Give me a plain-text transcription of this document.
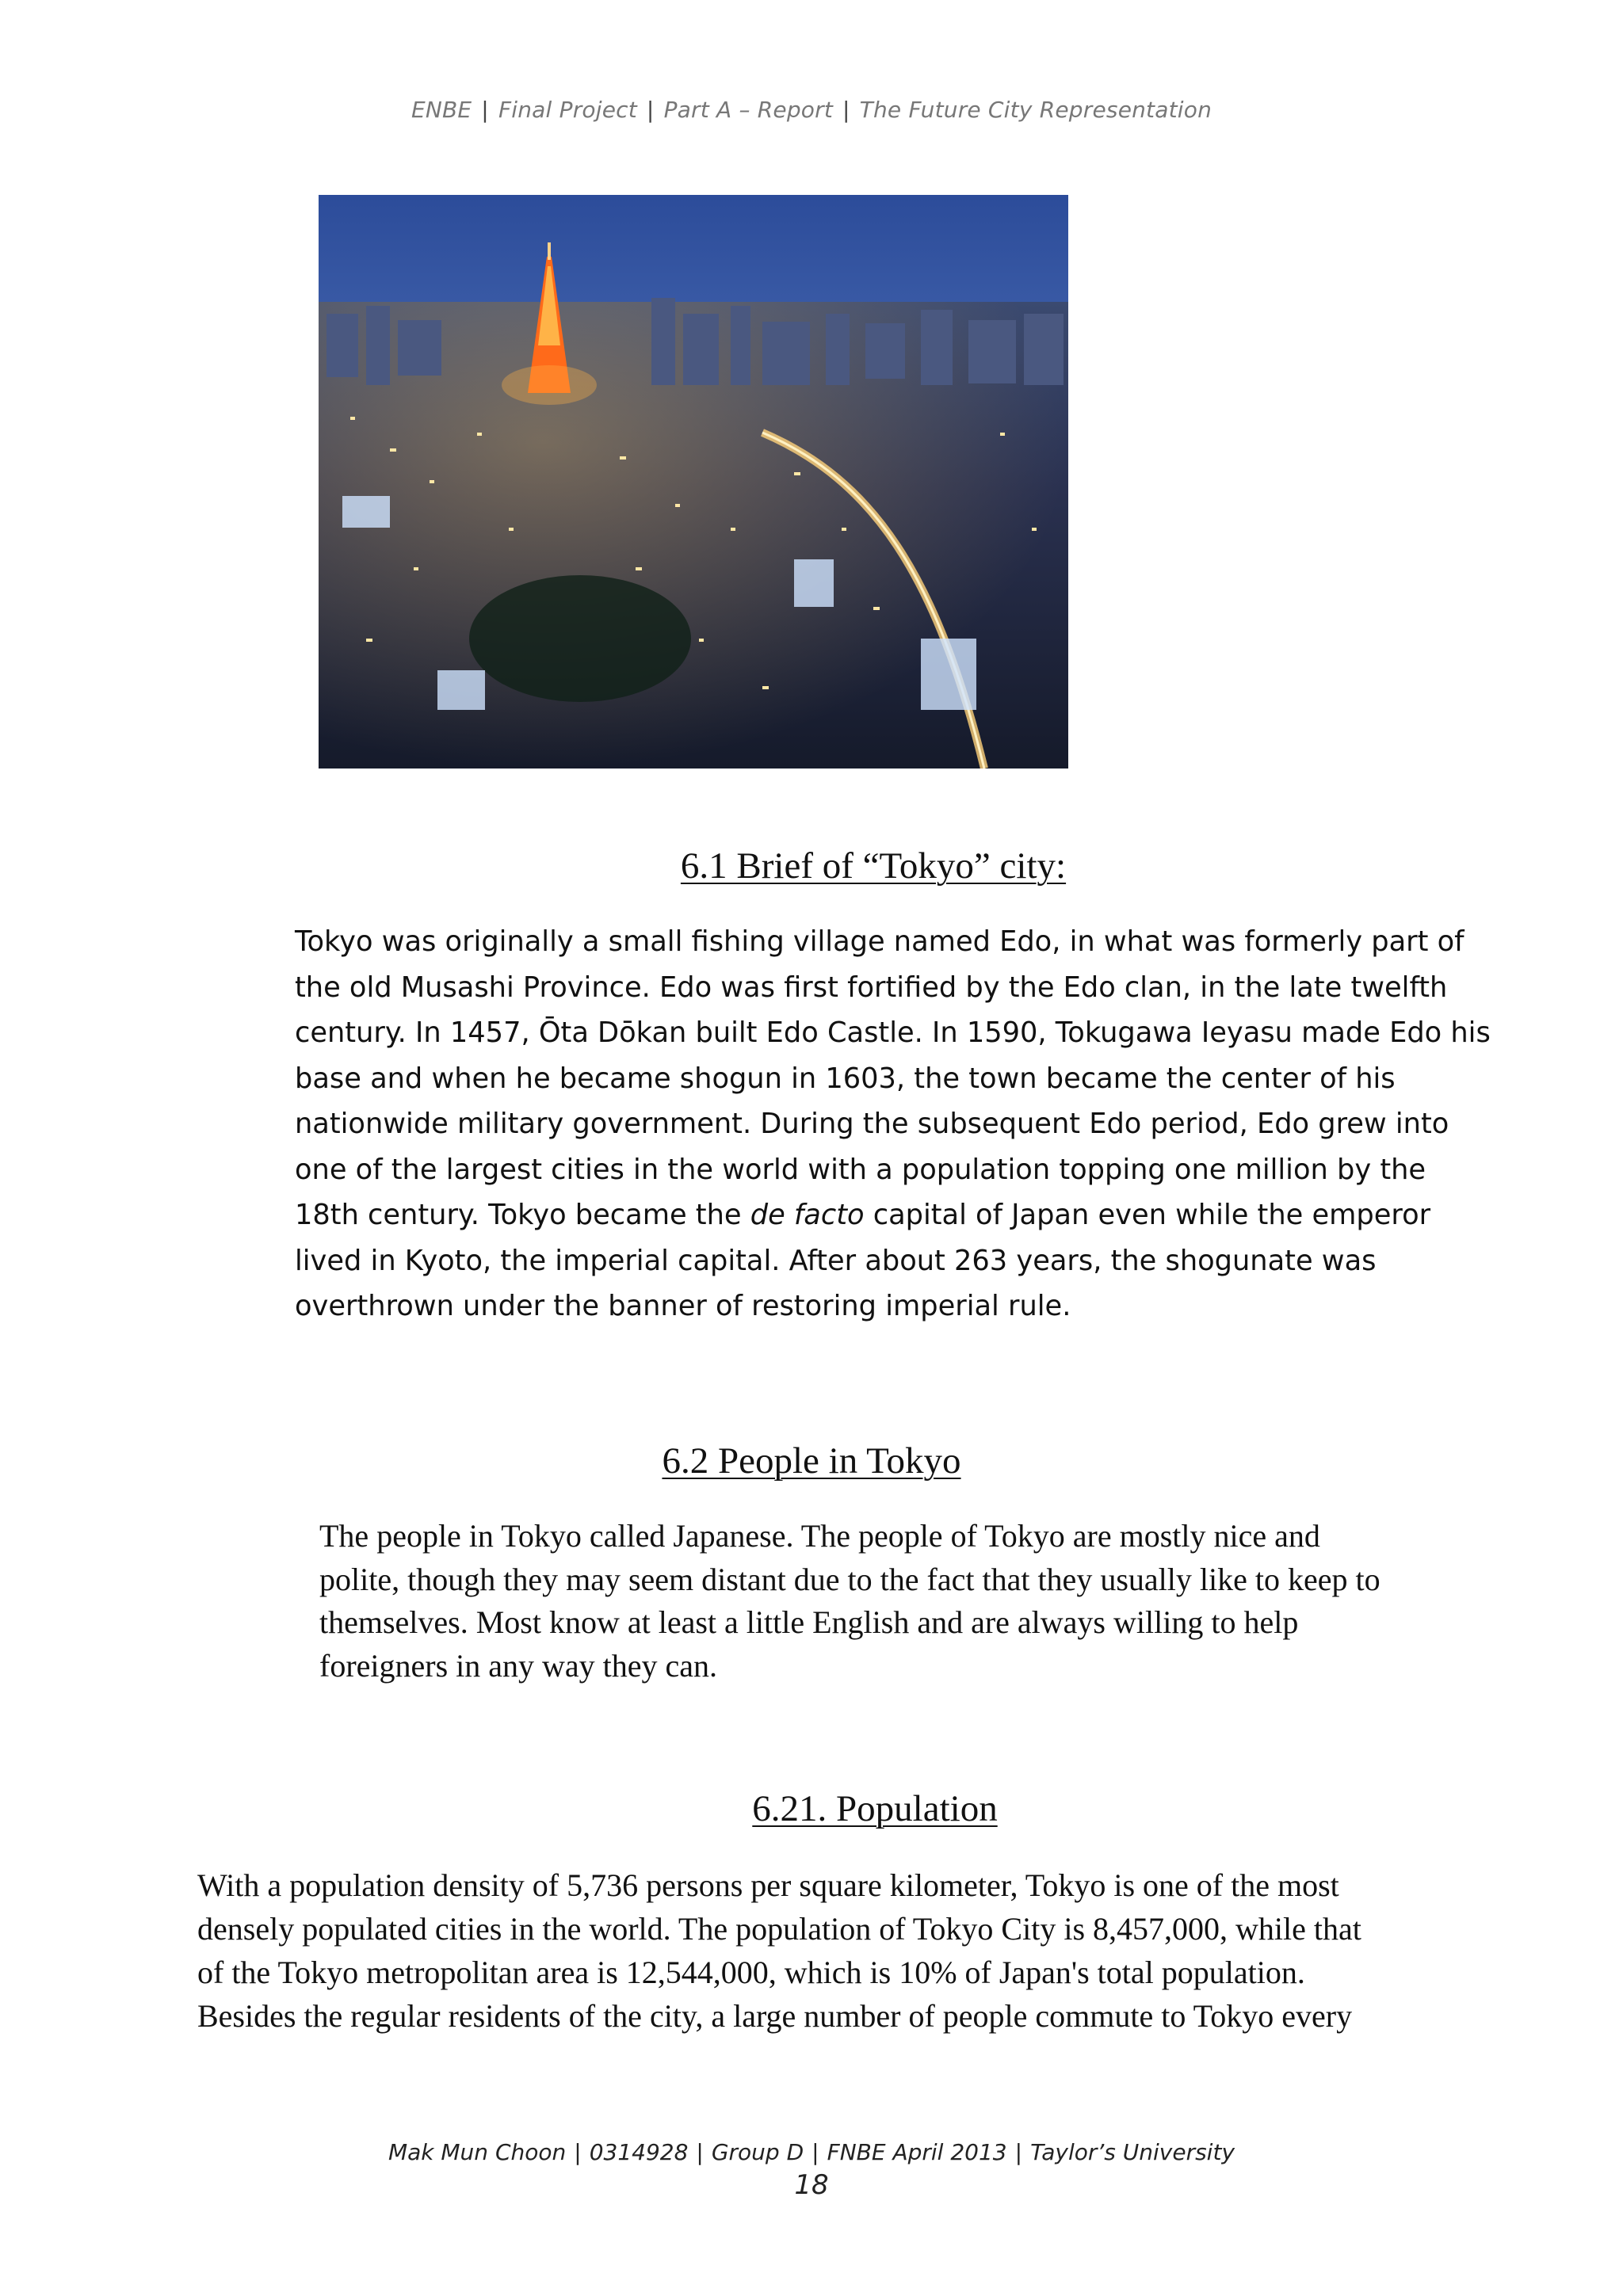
ENBE | Final Project | Part A – Report | The Future City Representation
6.1 Brief of “Tokyo” city:

Tokyo was originally a small fishing village named Edo, in what was formerly part of

the old Musashi Province. Edo was first fortified by the Edo clan, in the late twelfth

century. In 1457, Ōta Dōkan built Edo Castle. In 1590, Tokugawa Ieyasu made Edo his

base and when he became shogun in 1603, the town became the center of his

nationwide military government. During the subsequent Edo period, Edo grew into

one of the largest cities in the world with a population topping one million by the

18th century. Tokyo became the de facto capital of Japan even while the emperor

lived in Kyoto, the imperial capital. After about 263 years, the shogunate was

overthrown under the banner of restoring imperial rule.

6.2 People in Tokyo

The people in Tokyo called Japanese. The people of Tokyo are mostly nice and

polite, though they may seem distant due to the fact that they usually like to keep to

themselves. Most know at least a little English and are always willing to help

foreigners in any way they can.

6.21. Population

With a population density of 5,736 persons per square kilometer, Tokyo is one of the most

densely populated cities in the world. The population of Tokyo City is 8,457,000, while that

of the Tokyo metropolitan area is 12,544,000, which is 10% of Japan's total population.

Besides the regular residents of the city, a large number of people commute to Tokyo every

Mak Mun Choon | 0314928 | Group D | FNBE April 2013 | Taylor’s University
18
